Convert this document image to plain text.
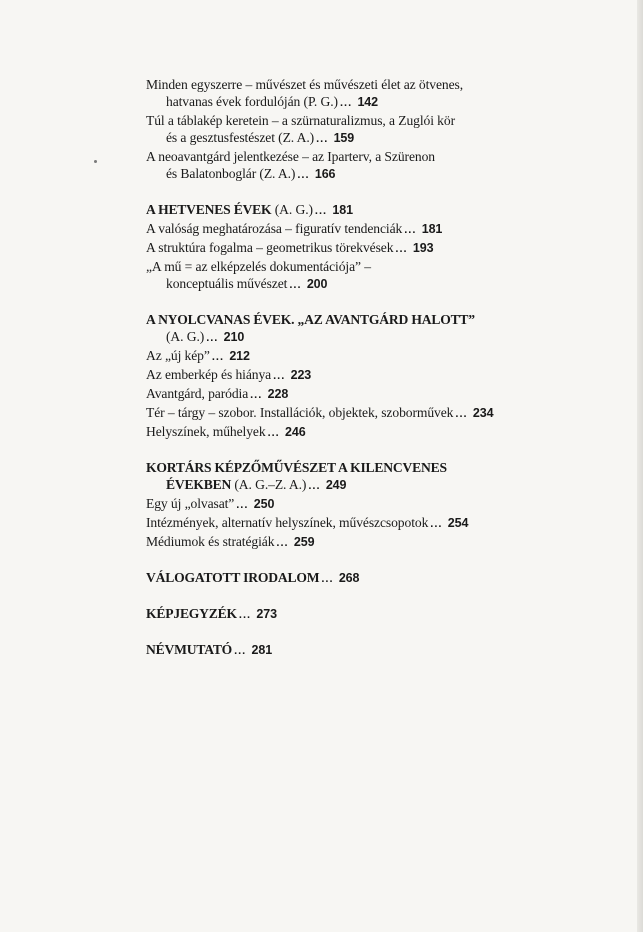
Minden egyszerre – művészet és művészeti élet az ötvenes,
hatvanas évek fordulóján (P. G.) ... 142
Túl a táblakép keretein – a szürnaturalizmus, a Zuglói kör
és a gesztusfestészet (Z. A.) ... 159
A neoavantgárd jelentkezése – az Iparterv, a Szürenon
és Balatonboglár (Z. A.) ... 166
A HETVENES ÉVEK (A. G.) ... 181
A valóság meghatározása – figuratív tendenciák ... 181
A struktúra fogalma – geometrikus törekvések ... 193
„A mű = az elképzelés dokumentációja” –
konceptuális művészet ... 200
A NYOLCVANAS ÉVEK. „AZ AVANTGÁRD HALOTT”
(A. G.) ... 210
Az „új kép” ... 212
Az emberkép és hiánya ... 223
Avantgárd, paródia ... 228
Tér – tárgy – szobor. Installációk, objektek, szoborművek ... 234
Helyszínek, műhelyek ... 246
KORTÁRS KÉPZŐMŰVÉSZET A KILENCVENES
ÉVEKBEN (A. G.–Z. A.) ... 249
Egy új „olvasat” ... 250
Intézmények, alternatív helyszínek, művészcsopotok ... 254
Médiumok és stratégiák ... 259
VÁLOGATOTT IRODALOM ... 268
KÉPJEGYZÉK ... 273
NÉVMUTATÓ ... 281
